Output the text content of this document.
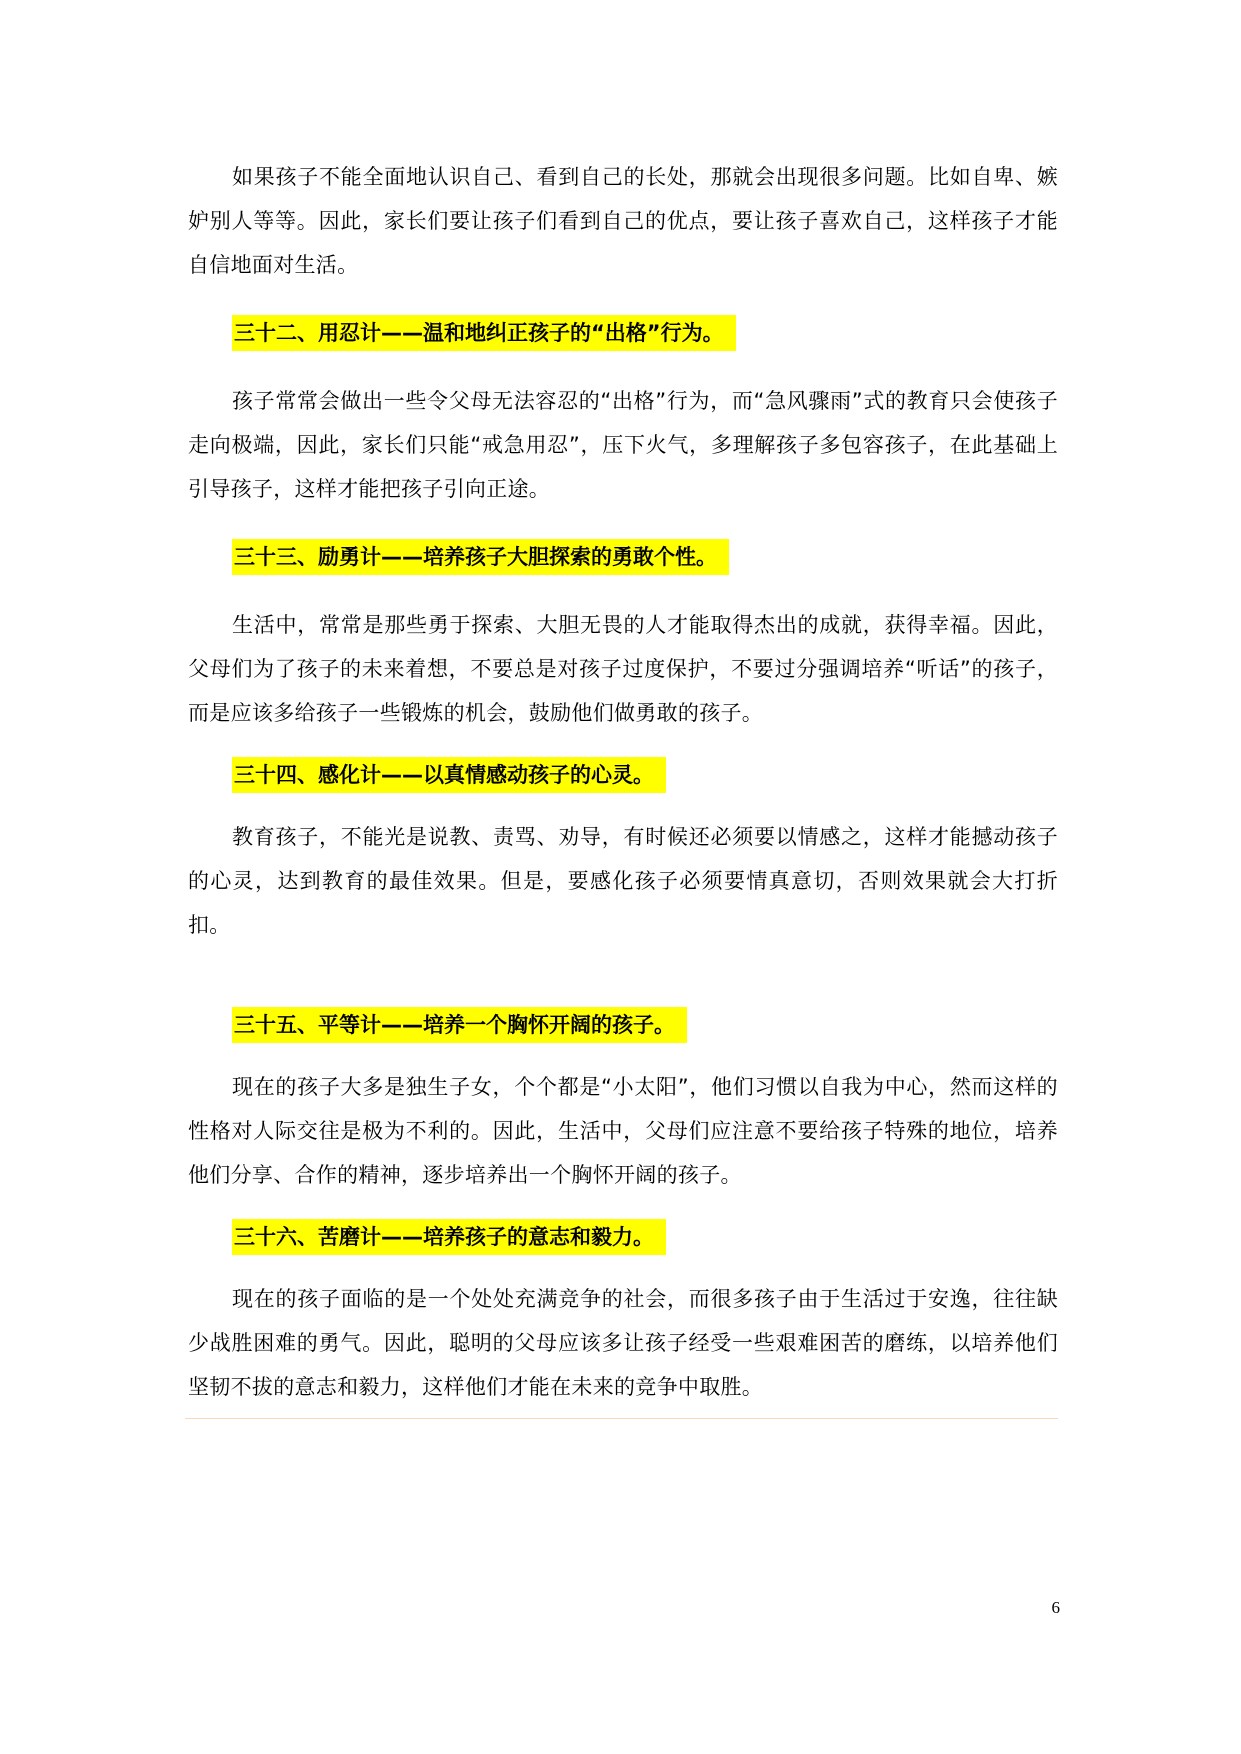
如果孩子不能全面地认识自己、看到自己的长处，那就会出现很多问题。比如自卑、嫉妒别人等等。因此，家长们要让孩子们看到自己的优点，要让孩子喜欢自己，这样孩子才能自信地面对生活。

三十二、用忍计——温和地纠正孩子的“出格”行为。

孩子常常会做出一些令父母无法容忍的“出格”行为，而“急风骤雨”式的教育只会使孩子走向极端，因此，家长们只能“戒急用忍”，压下火气，多理解孩子多包容孩子，在此基础上引导孩子，这样才能把孩子引向正途。

三十三、励勇计——培养孩子大胆探索的勇敢个性。

生活中，常常是那些勇于探索、大胆无畏的人才能取得杰出的成就，获得幸福。因此，父母们为了孩子的未来着想，不要总是对孩子过度保护，不要过分强调培养“听话”的孩子，而是应该多给孩子一些锻炼的机会，鼓励他们做勇敢的孩子。

三十四、感化计——以真情感动孩子的心灵。

教育孩子，不能光是说教、责骂、劝导，有时候还必须要以情感之，这样才能撼动孩子的心灵，达到教育的最佳效果。但是，要感化孩子必须要情真意切，否则效果就会大打折扣。

三十五、平等计——培养一个胸怀开阔的孩子。

现在的孩子大多是独生子女，个个都是“小太阳”，他们习惯以自我为中心，然而这样的性格对人际交往是极为不利的。因此，生活中，父母们应注意不要给孩子特殊的地位，培养他们分享、合作的精神，逐步培养出一个胸怀开阔的孩子。

三十六、苦磨计——培养孩子的意志和毅力。

现在的孩子面临的是一个处处充满竞争的社会，而很多孩子由于生活过于安逸，往往缺少战胜困难的勇气。因此，聪明的父母应该多让孩子经受一些艰难困苦的磨练，以培养他们坚韧不拔的意志和毅力，这样他们才能在未来的竞争中取胜。

6
